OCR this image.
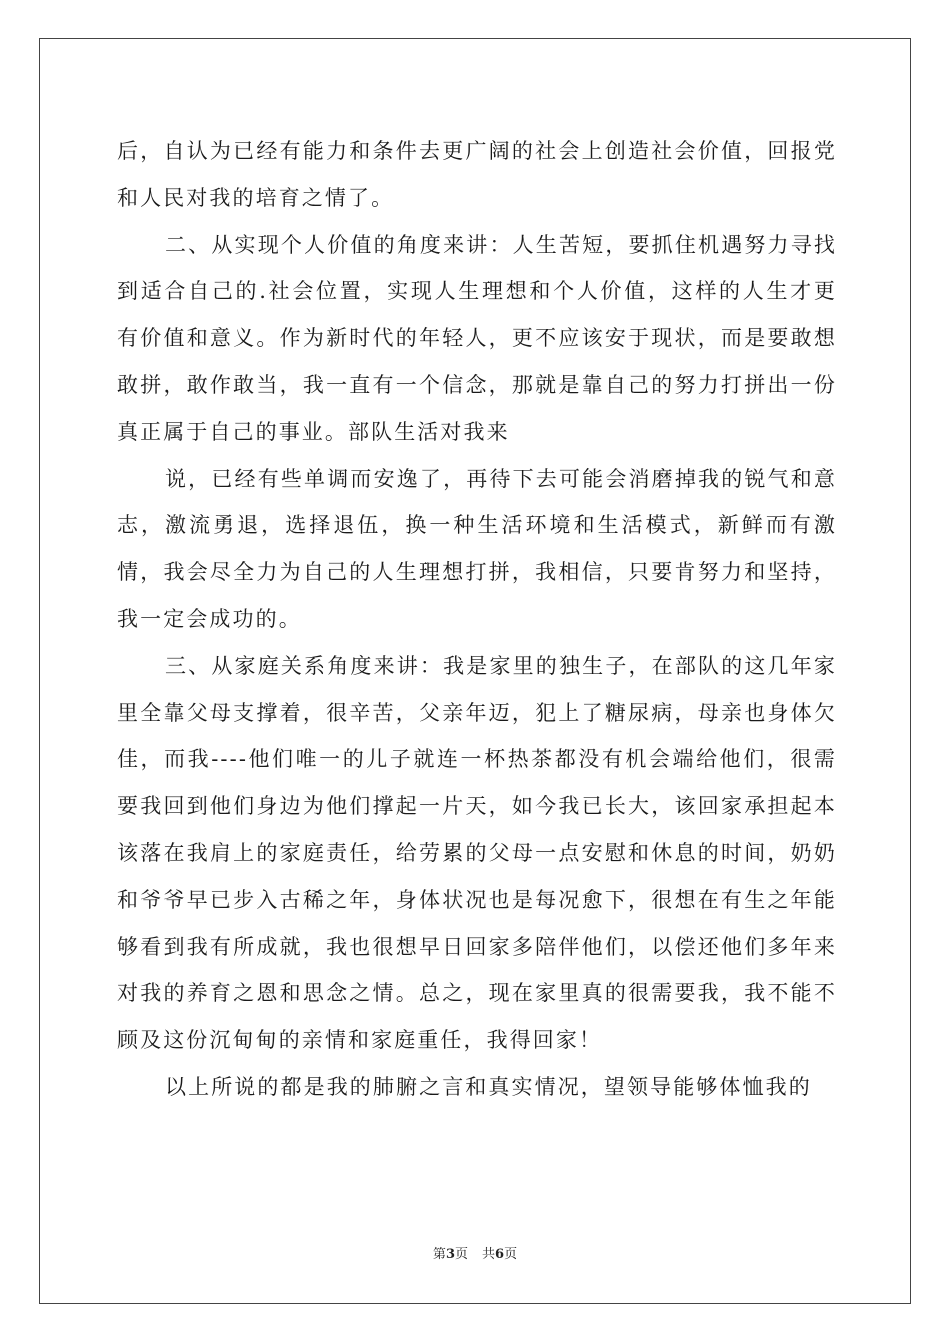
后，自认为已经有能力和条件去更广阔的社会上创造社会价值，回报党和人民对我的培育之情了。

二、从实现个人价值的角度来讲：人生苦短，要抓住机遇努力寻找到适合自己的.社会位置，实现人生理想和个人价值，这样的人生才更有价值和意义。作为新时代的年轻人，更不应该安于现状，而是要敢想敢拼，敢作敢当，我一直有一个信念，那就是靠自己的努力打拼出一份真正属于自己的事业。部队生活对我来

说，已经有些单调而安逸了，再待下去可能会消磨掉我的锐气和意志，激流勇退，选择退伍，换一种生活环境和生活模式，新鲜而有激情，我会尽全力为自己的人生理想打拼，我相信，只要肯努力和坚持，我一定会成功的。

三、从家庭关系角度来讲：我是家里的独生子，在部队的这几年家里全靠父母支撑着，很辛苦，父亲年迈，犯上了糖尿病，母亲也身体欠佳，而我----他们唯一的儿子就连一杯热茶都没有机会端给他们，很需要我回到他们身边为他们撑起一片天，如今我已长大，该回家承担起本该落在我肩上的家庭责任，给劳累的父母一点安慰和休息的时间，奶奶和爷爷早已步入古稀之年，身体状况也是每况愈下，很想在有生之年能够看到我有所成就，我也很想早日回家多陪伴他们，以偿还他们多年来对我的养育之恩和思念之情。总之，现在家里真的很需要我，我不能不顾及这份沉甸甸的亲情和家庭重任，我得回家！

以上所说的都是我的肺腑之言和真实情况，望领导能够体恤我的

第3页 共6页
